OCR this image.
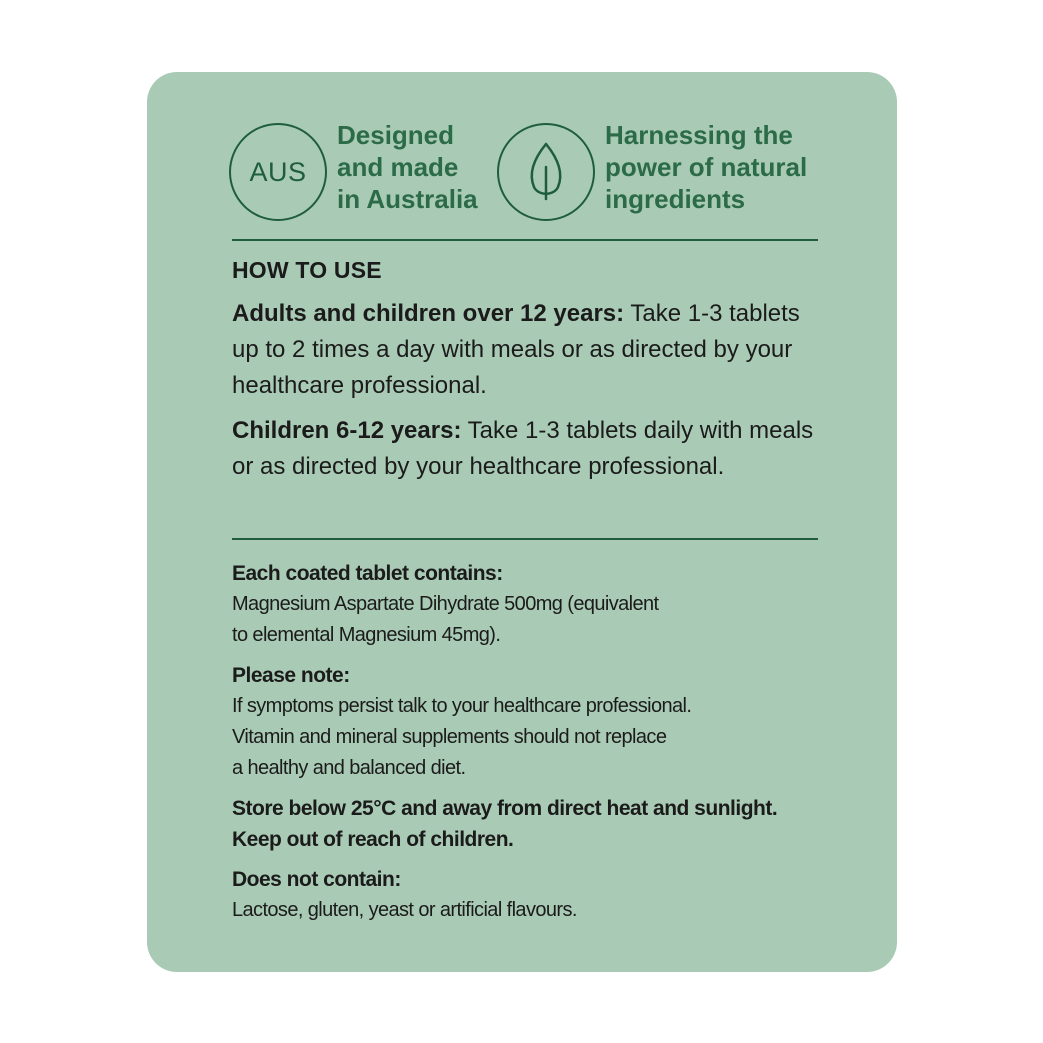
AUS
Designed
and made
in Australia
Harnessing the
power of natural
ingredients
HOW TO USE

Adults and children over 12 years: Take 1-3 tablets up to 2 times a day with meals or as directed by your healthcare professional.

Children 6-12 years: Take 1-3 tablets daily with meals or as directed by your healthcare professional.

Each coated tablet contains:
Magnesium Aspartate Dihydrate 500mg (equivalent
to elemental Magnesium 45mg).
Please note:
If symptoms persist talk to your healthcare professional.
Vitamin and mineral supplements should not replace
a healthy and balanced diet.
Store below 25°C and away from direct heat and sunlight.
Keep out of reach of children.
Does not contain:
Lactose, gluten, yeast or artificial flavours.
